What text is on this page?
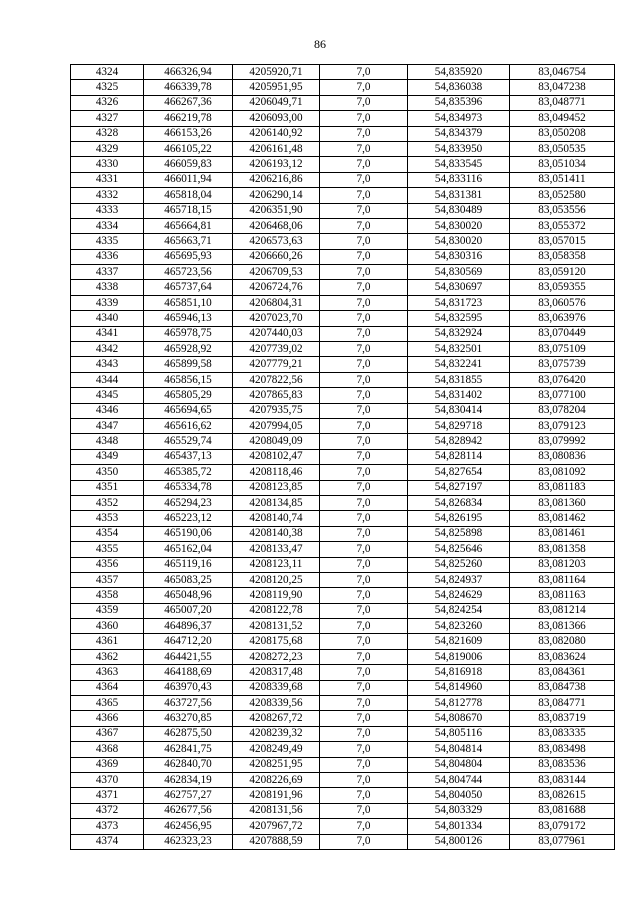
86
4324	466326,94	4205920,71	7,0	54,835920	83,046754
4325	466339,78	4205951,95	7,0	54,836038	83,047238
4326	466267,36	4206049,71	7,0	54,835396	83,048771
4327	466219,78	4206093,00	7,0	54,834973	83,049452
4328	466153,26	4206140,92	7,0	54,834379	83,050208
4329	466105,22	4206161,48	7,0	54,833950	83,050535
4330	466059,83	4206193,12	7,0	54,833545	83,051034
4331	466011,94	4206216,86	7,0	54,833116	83,051411
4332	465818,04	4206290,14	7,0	54,831381	83,052580
4333	465718,15	4206351,90	7,0	54,830489	83,053556
4334	465664,81	4206468,06	7,0	54,830020	83,055372
4335	465663,71	4206573,63	7,0	54,830020	83,057015
4336	465695,93	4206660,26	7,0	54,830316	83,058358
4337	465723,56	4206709,53	7,0	54,830569	83,059120
4338	465737,64	4206724,76	7,0	54,830697	83,059355
4339	465851,10	4206804,31	7,0	54,831723	83,060576
4340	465946,13	4207023,70	7,0	54,832595	83,063976
4341	465978,75	4207440,03	7,0	54,832924	83,070449
4342	465928,92	4207739,02	7,0	54,832501	83,075109
4343	465899,58	4207779,21	7,0	54,832241	83,075739
4344	465856,15	4207822,56	7,0	54,831855	83,076420
4345	465805,29	4207865,83	7,0	54,831402	83,077100
4346	465694,65	4207935,75	7,0	54,830414	83,078204
4347	465616,62	4207994,05	7,0	54,829718	83,079123
4348	465529,74	4208049,09	7,0	54,828942	83,079992
4349	465437,13	4208102,47	7,0	54,828114	83,080836
4350	465385,72	4208118,46	7,0	54,827654	83,081092
4351	465334,78	4208123,85	7,0	54,827197	83,081183
4352	465294,23	4208134,85	7,0	54,826834	83,081360
4353	465223,12	4208140,74	7,0	54,826195	83,081462
4354	465190,06	4208140,38	7,0	54,825898	83,081461
4355	465162,04	4208133,47	7,0	54,825646	83,081358
4356	465119,16	4208123,11	7,0	54,825260	83,081203
4357	465083,25	4208120,25	7,0	54,824937	83,081164
4358	465048,96	4208119,90	7,0	54,824629	83,081163
4359	465007,20	4208122,78	7,0	54,824254	83,081214
4360	464896,37	4208131,52	7,0	54,823260	83,081366
4361	464712,20	4208175,68	7,0	54,821609	83,082080
4362	464421,55	4208272,23	7,0	54,819006	83,083624
4363	464188,69	4208317,48	7,0	54,816918	83,084361
4364	463970,43	4208339,68	7,0	54,814960	83,084738
4365	463727,56	4208339,56	7,0	54,812778	83,084771
4366	463270,85	4208267,72	7,0	54,808670	83,083719
4367	462875,50	4208239,32	7,0	54,805116	83,083335
4368	462841,75	4208249,49	7,0	54,804814	83,083498
4369	462840,70	4208251,95	7,0	54,804804	83,083536
4370	462834,19	4208226,69	7,0	54,804744	83,083144
4371	462757,27	4208191,96	7,0	54,804050	83,082615
4372	462677,56	4208131,56	7,0	54,803329	83,081688
4373	462456,95	4207967,72	7,0	54,801334	83,079172
4374	462323,23	4207888,59	7,0	54,800126	83,077961
